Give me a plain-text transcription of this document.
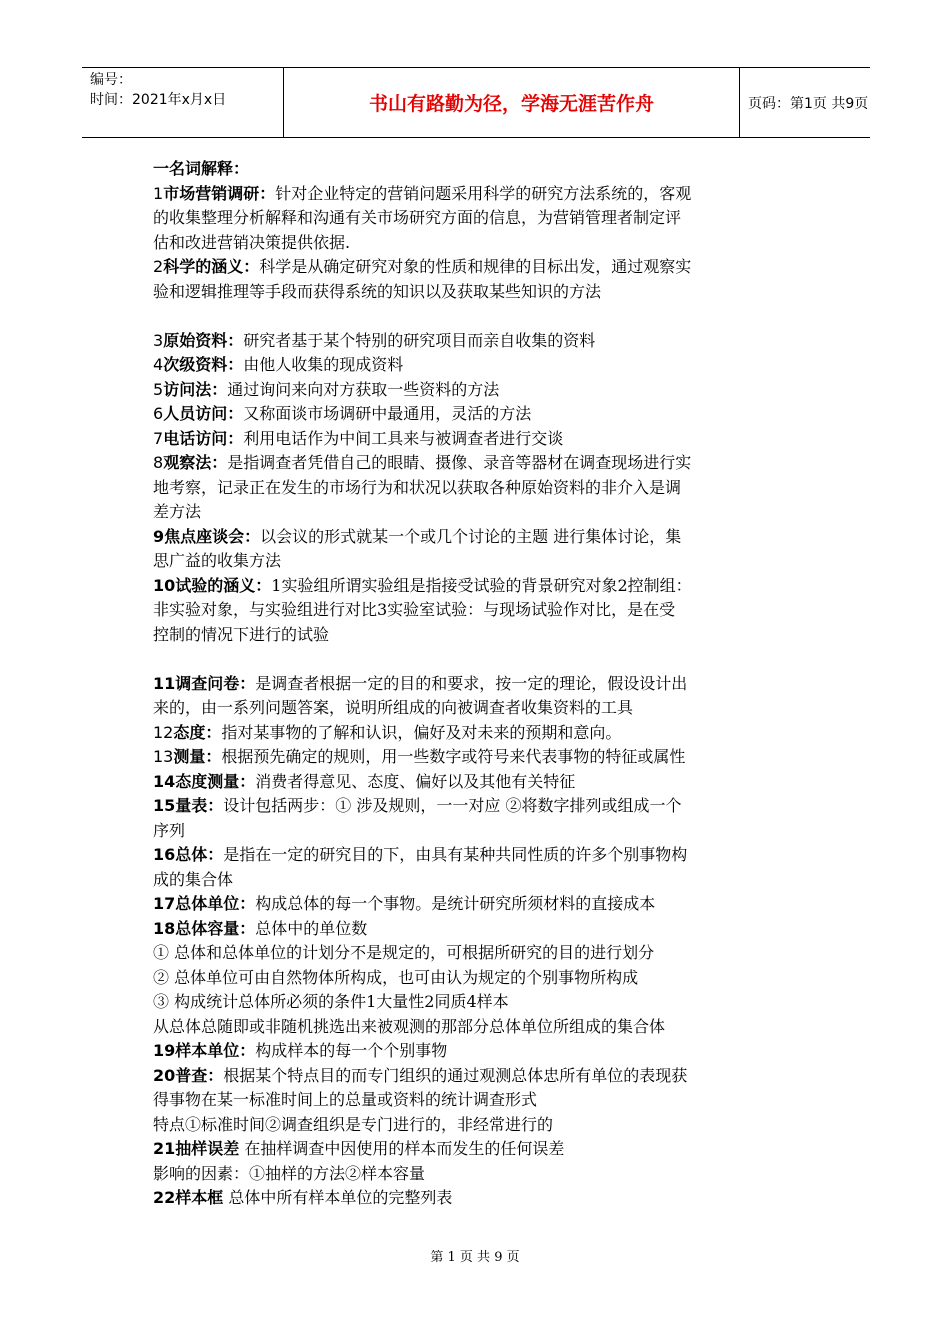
编号：
时间：2021年x月x日	书山有路勤为径，学海无涯苦作舟	页码：第1页 共9页
一名词解释：
1市场营销调研：针对企业特定的营销问题采用科学的研究方法系统的，客观
的收集整理分析解释和沟通有关市场研究方面的信息，为营销管理者制定评
估和改进营销决策提供依据.
2科学的涵义：科学是从确定研究对象的性质和规律的目标出发，通过观察实
验和逻辑推理等手段而获得系统的知识以及获取某些知识的方法
3原始资料：研究者基于某个特别的研究项目而亲自收集的资料
4次级资料：由他人收集的现成资料
5访问法：通过询问来向对方获取一些资料的方法
6人员访问：又称面谈市场调研中最通用，灵活的方法
7电话访问：利用电话作为中间工具来与被调查者进行交谈
8观察法：是指调查者凭借自己的眼睛、摄像、录音等器材在调查现场进行实
地考察，记录正在发生的市场行为和状况以获取各种原始资料的非介入是调
差方法
9焦点座谈会：以会议的形式就某一个或几个讨论的主题 进行集体讨论，集
思广益的收集方法
10试验的涵义：1实验组所谓实验组是指接受试验的背景研究对象2控制组：
非实验对象，与实验组进行对比3实验室试验：与现场试验作对比，是在受
控制的情况下进行的试验
11调查问卷：是调查者根据一定的目的和要求，按一定的理论，假设设计出
来的，由一系列问题答案，说明所组成的向被调查者收集资料的工具
12态度：指对某事物的了解和认识，偏好及对未来的预期和意向。
13测量：根据预先确定的规则，用一些数字或符号来代表事物的特征或属性
14态度测量：消费者得意见、态度、偏好以及其他有关特征
15量表：设计包括两步：① 涉及规则，一一对应 ②将数字排列或组成一个
序列
16总体：是指在一定的研究目的下，由具有某种共同性质的许多个别事物构
成的集合体
17总体单位：构成总体的每一个事物。是统计研究所须材料的直接成本
18总体容量：总体中的单位数
① 总体和总体单位的计划分不是规定的，可根据所研究的目的进行划分
② 总体单位可由自然物体所构成，也可由认为规定的个别事物所构成
③ 构成统计总体所必须的条件1大量性2同质4样本
从总体总随即或非随机挑选出来被观测的那部分总体单位所组成的集合体
19样本单位：构成样本的每一个个别事物
20普查：根据某个特点目的而专门组织的通过观测总体忠所有单位的表现获
得事物在某一标准时间上的总量或资料的统计调查形式
特点①标准时间②调查组织是专门进行的，非经常进行的
21抽样误差 在抽样调查中因使用的样本而发生的任何误差
影响的因素：①抽样的方法②样本容量
22样本框 总体中所有样本单位的完整列表
第 1 页 共 9 页
